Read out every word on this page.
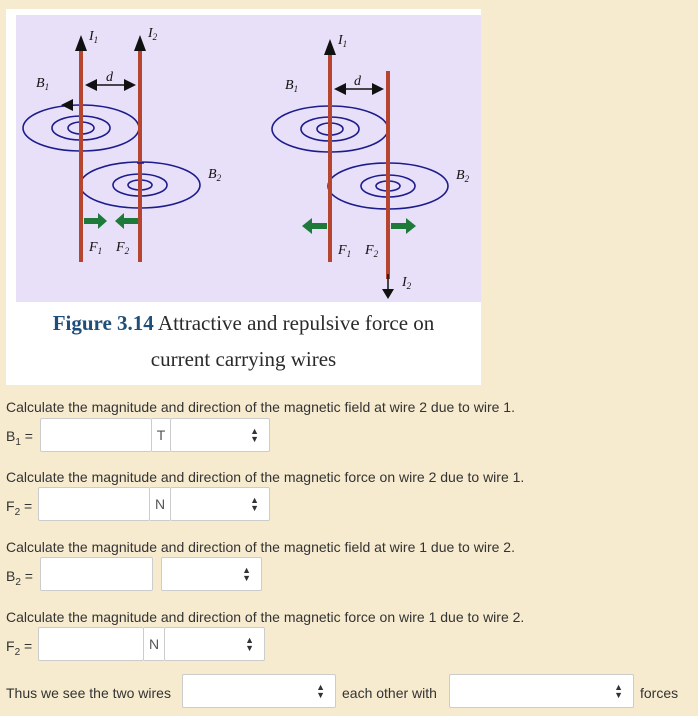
$I_1$	$I_2$
d
$B_1$
$B_2$
$F_1$ $F_2$
$I_1$
d
$B_1$
$B_2$
$F_1$ $F_2$
$I_2$
Figure 3.14 Attractive and repulsive force on
current carrying wires
Calculate the magnitude and direction of the magnetic field at wire 2 due to wire 1.
$B_1$ =	T	▲
▼
Calculate the magnitude and direction of the magnetic force on wire 2 due to wire 1.
$F_2$ =	N	▲
▼
Calculate the magnitude and direction of the magnetic field at wire 1 due to wire 2.
$B_2$ =	▲
▼
Calculate the magnitude and direction of the magnetic force on wire 1 due to wire 2.
$F_2$ =	N	▲
▼
Thus we see the two wires	▲
▼ each other with	▲
▼ forces
